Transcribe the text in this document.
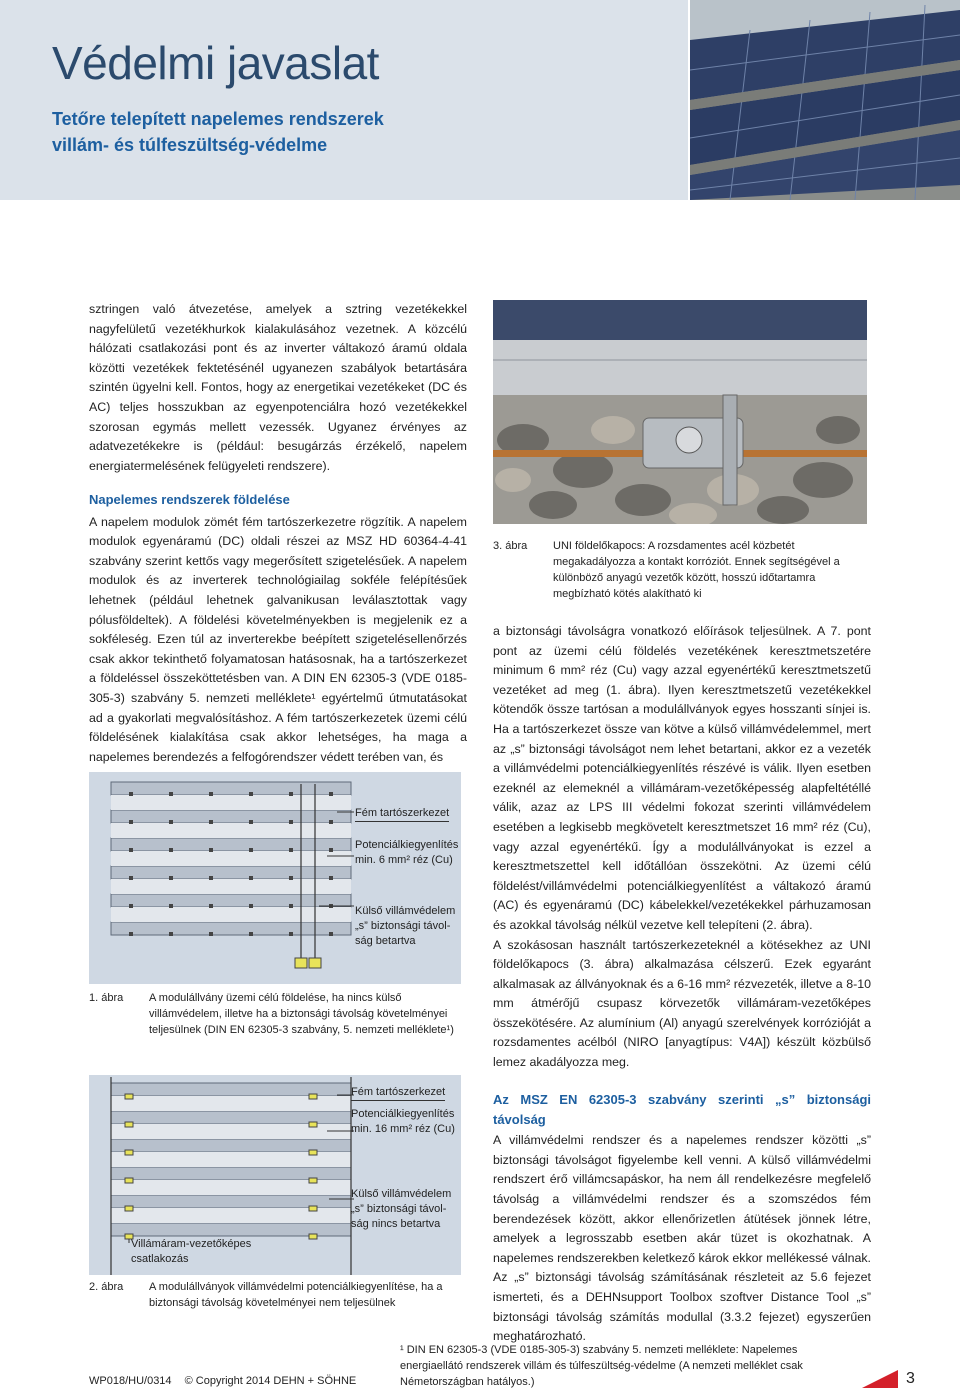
Védelmi javaslat
Tetőre telepített napelemes rendszerek
villám- és túlfeszültség-védelme

sztringen való átvezetése, amelyek a sztring vezetékekkel nagyfelületű vezetékhurkok kialakulásához vezetnek. A közcélú hálózati csatlakozási pont és az inverter váltakozó áramú oldala közötti vezetékek fektetésénél ugyanezen szabályok betartására szintén ügyelni kell. Fontos, hogy az energetikai vezetékeket (DC és AC) teljes hosszukban az egyenpotenciálra hozó vezetékekkel szorosan egymás mellett vezessék. Ugyanez érvényes az adatvezetékekre is (például: besugárzás érzékelő, napelem energiatermelésének felügyeleti rendszere).

Napelemes rendszerek földelése

A napelem modulok zömét fém tartószerkezetre rögzítik. A napelem modulok egyenáramú (DC) oldali részei az MSZ HD 60364-4-41 szabvány szerint kettős vagy megerősített szigetelésűek. A napelem modulok és az inverterek technológiailag sokféle felépítésűek lehetnek (például lehetnek galvanikusan leválasztottak vagy pólusföldeltek). A földelési követelményekben is megjelenik ez a sokféleség. Ezen túl az inverterekbe beépített szigetelésellenőrzés csak akkor tekinthető folyamatosan hatásosnak, ha a tartószerkezet a földeléssel összeköttetésben van. A DIN EN 62305-3 (VDE 0185-305-3) szabvány 5. nemzeti melléklete¹ egyértelmű útmutatásokat ad a gyakorlati megvalósításhoz. A fém tartószerkezetek üzemi célú földelésének kialakítása csak akkor lehetséges, ha maga a napelemes berendezés a felfogórendszer védett terében van, és

Fém tartószerkezet
Potenciálkiegyenlítés
min. 6 mm² réz (Cu)
Külső villámvédelem
„s” biztonsági távol-
ság betartva
1. ábra A modulállvány üzemi célú földelése, ha nincs külső villámvédelem, illetve ha a biztonsági távolság követelményei teljesülnek (DIN EN 62305-3 szabvány, 5. nemzeti melléklete¹)
Fém tartószerkezet
Potenciálkiegyenlítés
min. 16 mm² réz (Cu)
Külső villámvédelem
„s” biztonsági távol-
ság nincs betartva
Villámáram-vezetőképes
csatlakozás
2. ábra A modulállványok villámvédelmi potenciálkiegyenlítése, ha a biztonsági távolság követelményei nem teljesülnek
3. ábra UNI földelőkapocs: A rozsdamentes acél közbetét megakadályozza a kontakt korróziót. Ennek segítségével a különböző anyagú vezetők között, hosszú időtartamra megbízható kötés alakítható ki

a biztonsági távolságra vonatkozó előírások teljesülnek. A 7. pont pont az üzemi célú földelés vezetékének keresztmetszetére minimum 6 mm² réz (Cu) vagy azzal egyenértékű keresztmetszetű vezetéket ad meg (1. ábra). Ilyen keresztmetszetű vezetékekkel kötendők össze tartósan a modulállványok egyes hosszanti sínjei is. Ha a tartószerkezet össze van kötve a külső villámvédelemmel, mert az „s” biztonsági távolságot nem lehet betartani, akkor ez a vezeték a villámvédelmi potenciálkiegyenlítés részévé is válik. Ilyen esetben ezeknél az elemeknél a villámáram-vezetőképesség alapfeltétéllé válik, azaz az LPS III védelmi fokozat szerinti villámvédelem esetében a legkisebb megkövetelt keresztmetszet 16 mm² réz (Cu), vagy azzal egyenértékű. Így a modulállványokat is ezzel a keresztmetszettel kell időtállóan összekötni. Az üzemi célú földelést/villámvédelmi potenciálkiegyenlítést a váltakozó áramú (AC) és egyenáramú (DC) kábelekkel/vezetékekkel párhuzamosan és azokkal távolság nélkül vezetve kell telepíteni (2. ábra).

A szokásosan használt tartószerkezeteknél a kötésekhez az UNI földelőkapocs (3. ábra) alkalmazása célszerű. Ezek egyaránt alkalmasak az állványoknak és a 6-16 mm² rézvezeték, illetve a 8-10 mm átmérőjű csupasz körvezetők villámáram-vezetőképes összekötésére. Az alumínium (Al) anyagú szerelvények korrózióját a rozsdamentes acélból (NIRO [anyagtípus: V4A]) készült közbülső lemez akadályozza meg.

Az MSZ EN 62305-3 szabvány szerinti „s” biztonsági távolság

A villámvédelmi rendszer és a napelemes rendszer közötti „s” biztonsági távolságot figyelembe kell venni. A külső villámvédelmi rendszert érő villámcsapáskor, ha nem áll rendelkezésre megfelelő távolság a villámvédelmi rendszer és a szomszédos fém berendezések között, akkor ellenőrizetlen átütések jönnek létre, amelyek a legrosszabb esetben akár tüzet is okozhatnak. A napelemes rendszerekben keletkező károk ekkor mellékessé válnak. Az „s” biztonsági távolság számításának részleteit az 5.6 fejezet ismerteti, és a DEHNsupport Toolbox szoftver Distance Tool „s” biztonsági távolság számítás modullal (3.3.2 fejezet) egyszerűen meghatározható.

¹ DIN EN 62305-3 (VDE 0185-305-3) szabvány 5. nemzeti melléklete: Napelemes energiaellátó rendszerek villám és túlfeszültség-védelme (A nemzeti melléklet csak Németországban hatályos.)
WP018/HU/0314 © Copyright 2014 DEHN + SÖHNE	3
